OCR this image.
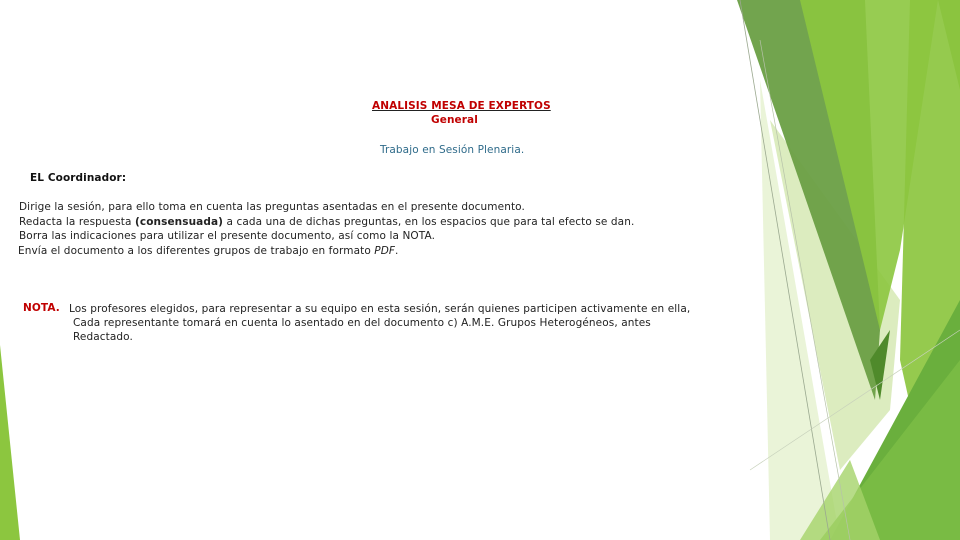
ANALISIS MESA DE EXPERTOS
General
Trabajo en Sesión Plenaria.
EL Coordinador:
Dirige la sesión, para ello toma en cuenta las preguntas asentadas en el presente documento.
Redacta la respuesta (consensuada) a cada una de dichas preguntas, en los espacios que para tal efecto se dan.
Borra las indicaciones para utilizar el presente documento, así como la NOTA.
Envía el documento a los diferentes grupos de trabajo en formato PDF.
NOTA. Los profesores elegidos, para representar a su equipo en esta sesión, serán quienes participen activamente en ella,
Cada representante tomará en cuenta lo asentado en del documento c) A.M.E. Grupos Heterogéneos, antes
Redactado.
